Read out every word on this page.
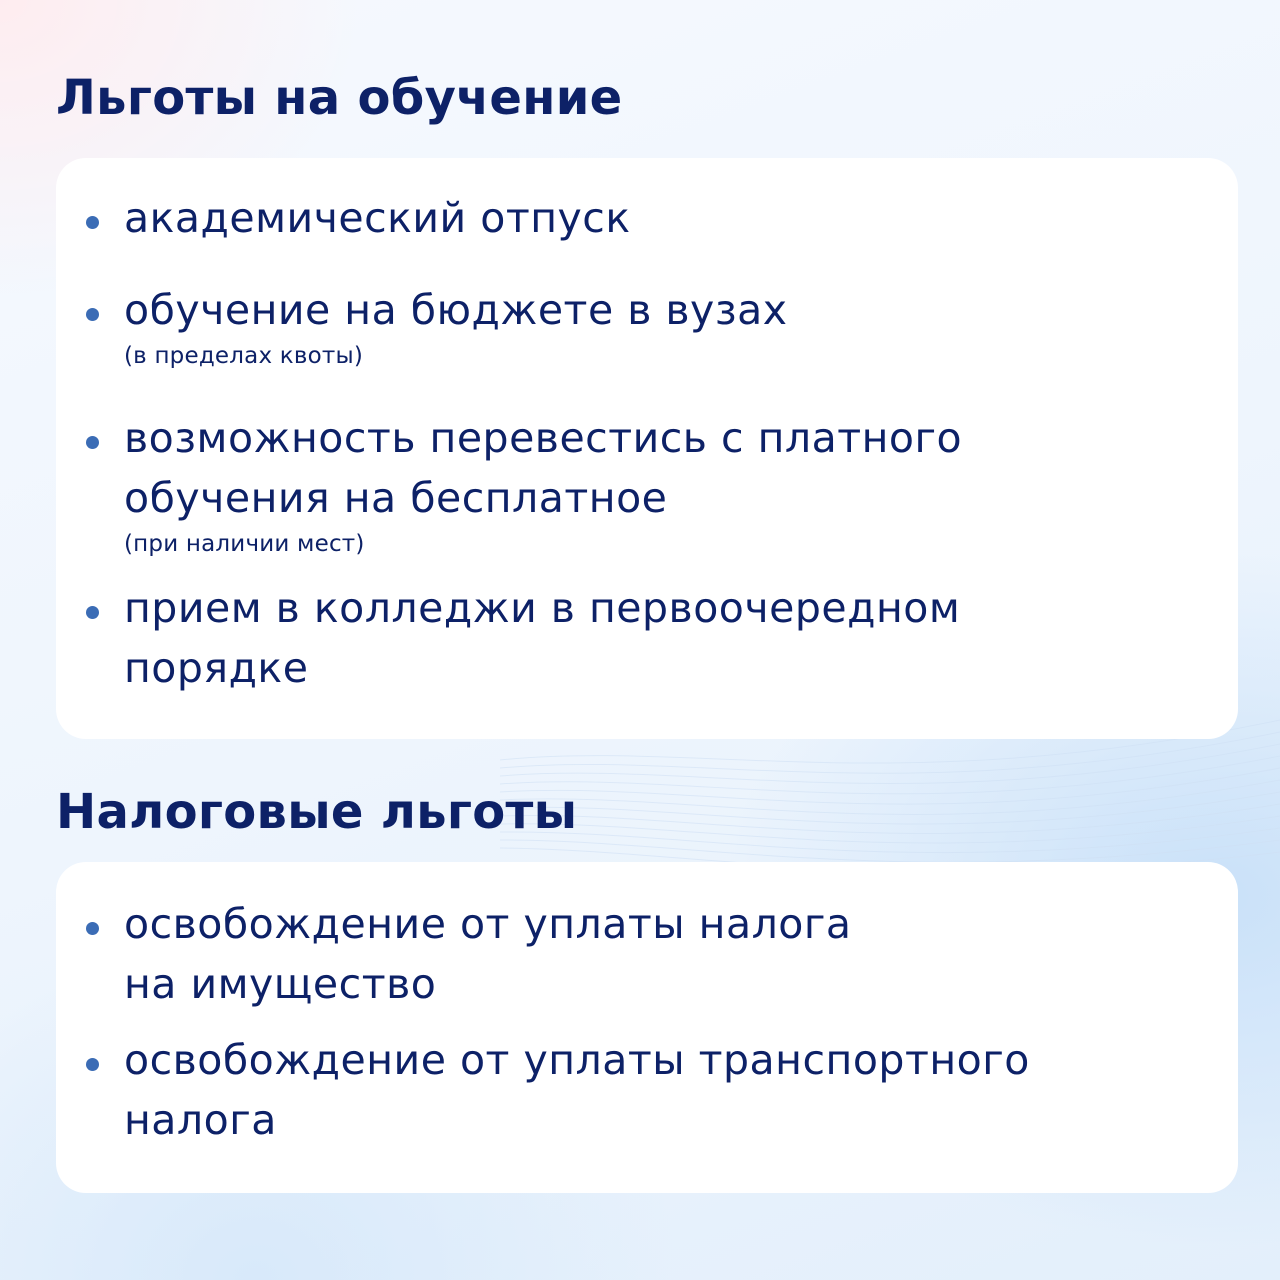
Льготы на обучение
академический отпуск
обучение на бюджете в вузах
(в пределах квоты)
возможность перевестись с платного
обучения на бесплатное
(при наличии мест)
прием в колледжи в первоочередном
порядке
Налоговые льготы
освобождение от уплаты налога
на имущество
освобождение от уплаты транспортного
налога
